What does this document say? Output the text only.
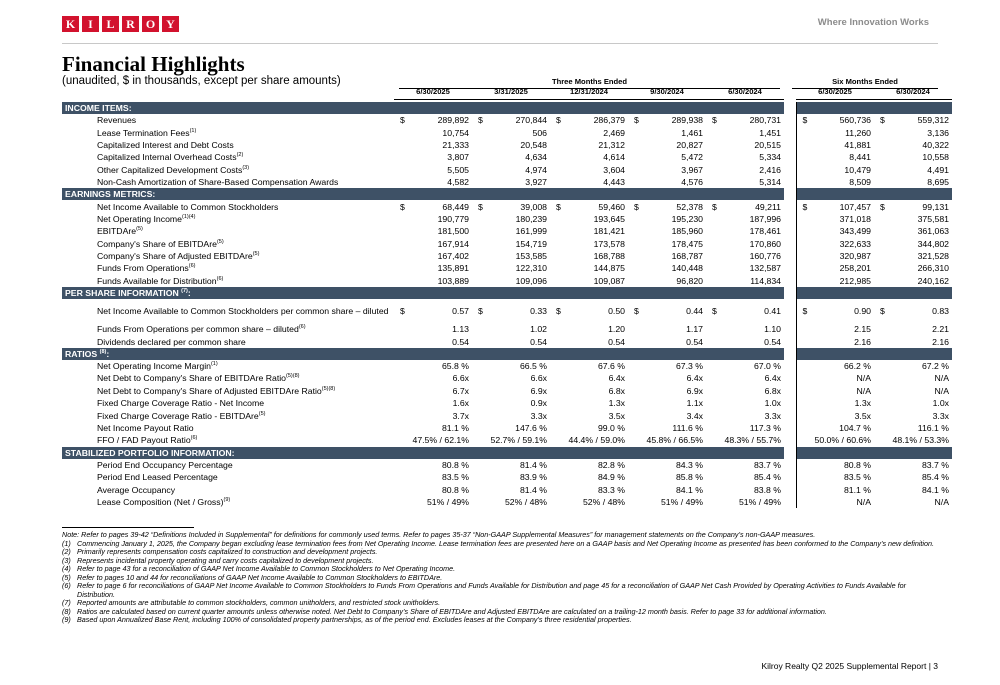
K	I	L R O Y	Where Innovation Works
Financial Highlights
(unaudited, $ in thousands, except per share amounts)	Three Months Ended	Six Months Ended
6/30/2025	3/31/2025	12/31/2024	9/30/2024	6/30/2024	6/30/2025	6/30/2024
INCOME ITEMS:															
Revenues	$	289,892	$	270,844	$	286,379	$	289,938	$	280,731		$	560,736	$	559,312
Lease Termination Fees$^{(1)}$		10,754		506		2,469		1,461		1,451			11,260		3,136
Capitalized Interest and Debt Costs		21,333		20,548		21,312		20,827		20,515			41,881		40,322
Capitalized Internal Overhead Costs$^{(2)}$		3,807		4,634		4,614		5,472		5,334			8,441		10,558
Other Capitalized Development Costs$^{(3)}$		5,505		4,974		3,604		3,967		2,416			10,479		4,491
Non-Cash Amortization of Share-Based Compensation Awards		4,582		3,927		4,443		4,576		5,314			8,509		8,695
EARNINGS METRICS:															
Net Income Available to Common Stockholders	$	68,449	$	39,008	$	59,460	$	52,378	$	49,211		$	107,457	$	99,131
Net Operating Income$^{(1)(4)}$		190,779		180,239		193,645		195,230		187,996			371,018		375,581
EBITDAre$^{(5)}$		181,500		161,999		181,421		185,960		178,461			343,499		361,063
Company's Share of EBITDAre$^{(5)}$		167,914		154,719		173,578		178,475		170,860			322,633		344,802
Company's Share of Adjusted EBITDAre$^{(5)}$		167,402		153,585		168,788		168,787		160,776			320,987		321,528
Funds From Operations$^{(6)}$		135,891		122,310		144,875		140,448		132,587			258,201		266,310
Funds Available for Distribution$^{(6)}$		103,889		109,096		109,087		96,820		114,834			212,985		240,162
PER SHARE INFORMATION $^{(7)}$:															
Net Income Available to Common Stockholders per common share – diluted	$	0.57	$	0.33	$	0.50	$	0.44	$	0.41		$	0.90	$	0.83
Funds From Operations per common share – diluted$^{(6)}$		1.13		1.02		1.20		1.17		1.10			2.15		2.21
Dividends declared per common share		0.54		0.54		0.54		0.54		0.54			2.16		2.16
RATIOS $^{(8)}$:															
Net Operating Income Margin$^{(1)}$		65.8 %		66.5 %		67.6 %		67.3 %		67.0 %			66.2 %		67.2 %
Net Debt to Company's Share of EBITDAre Ratio$^{(5)(8)}$		6.6x		6.6x		6.4x		6.4x		6.4x			N/A		N/A
Net Debt to Company's Share of Adjusted EBITDAre Ratio$^{(5)(8)}$		6.7x		6.9x		6.8x		6.9x		6.8x			N/A		N/A
Fixed Charge Coverage Ratio - Net Income		1.6x		0.9x		1.3x		1.1x		1.0x			1.3x		1.0x
Fixed Charge Coverage Ratio - EBITDAre$^{(5)}$		3.7x		3.3x		3.5x		3.4x		3.3x			3.5x		3.3x
Net Income Payout Ratio		81.1 %		147.6 %		99.0 %		111.6 %		117.3 %			104.7 %		116.1 %
FFO / FAD Payout Ratio$^{(6)}$		47.5% / 62.1%		52.7% / 59.1%		44.4% / 59.0%		45.8% / 66.5%		48.3% / 55.7%			50.0% / 60.6%		48.1% / 53.3%
STABILIZED PORTFOLIO INFORMATION:															
Period End Occupancy Percentage		80.8 %		81.4 %		82.8 %		84.3 %		83.7 %			80.8 %		83.7 %
Period End Leased Percentage		83.5 %		83.9 %		84.9 %		85.8 %		85.4 %			83.5 %		85.4 %
Average Occupancy		80.8 %		81.4 %		83.3 %		84.1 %		83.8 %			81.1 %		84.1 %
Lease Composition (Net / Gross)$^{(9)}$		51% / 49%		52% / 48%		52% / 48%		51% / 49%		51% / 49%			N/A		N/A
Note: Refer to pages 39-42 “Definitions Included in Supplemental” for definitions for commonly used terms. Refer to pages 35-37 “Non-GAAP Supplemental Measures” for management statements on the Company’s non-GAAP measures.
(1) Commencing January 1, 2025, the Company began excluding lease termination fees from Net Operating Income. Lease termination fees are presented here on a GAAP basis and Net Operating Income as presented has been conformed to the Company’s new definition.
(2) Primarily represents compensation costs capitalized to construction and development projects.
(3) Represents incidental property operating and carry costs capitalized to development projects.
(4) Refer to page 43 for a reconciliation of GAAP Net Income Available to Common Stockholders to Net Operating Income.
(5) Refer to pages 10 and 44 for reconciliations of GAAP Net Income Available to Common Stockholders to EBITDAre.
(6) Refer to page 6 for reconciliations of GAAP Net Income Available to Common Stockholders to Funds From Operations and Funds Available for Distribution and page 45 for a reconciliation of GAAP Net Cash Provided by Operating Activities to Funds Available for Distribution.
(7) Reported amounts are attributable to common stockholders, common unitholders, and restricted stock unitholders.
(8) Ratios are calculated based on current quarter amounts unless otherwise noted. Net Debt to Company’s Share of EBITDAre and Adjusted EBITDAre are calculated on a trailing-12 month basis. Refer to page 33 for additional information.
(9) Based upon Annualized Base Rent, including 100% of consolidated property partnerships, as of the period end. Excludes leases at the Company’s three residential properties.
Kilroy Realty Q2 2025 Supplemental Report | 3
